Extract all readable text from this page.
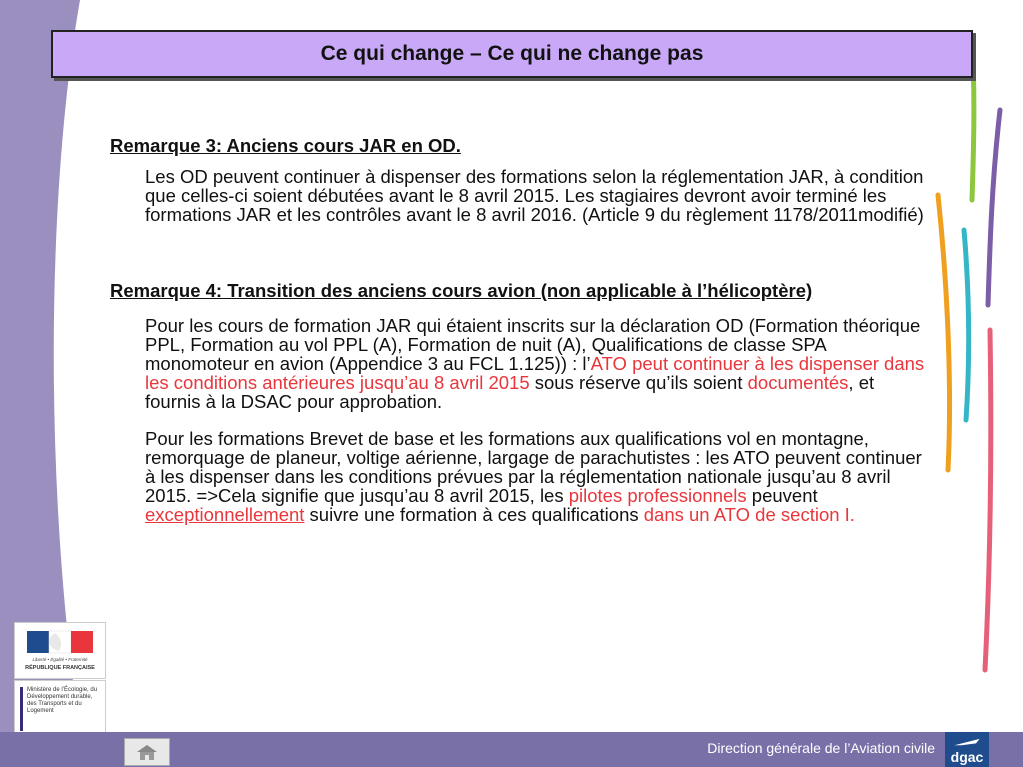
Ce qui change – Ce qui ne change pas
Remarque 3: Anciens cours JAR en OD.
Les OD peuvent continuer à dispenser des formations selon la réglementation JAR, à condition que celles-ci soient débutées avant le 8 avril 2015. Les stagiaires devront avoir terminé les formations JAR et les contrôles avant le 8 avril 2016. (Article 9 du règlement 1178/2011modifié)
Remarque 4: Transition des anciens cours avion (non applicable à l’hélicoptère)
Pour les cours de formation JAR qui étaient inscrits sur la déclaration OD (Formation théorique PPL, Formation au vol PPL (A), Formation de nuit (A), Qualifications de classe SPA monomoteur en avion (Appendice 3 au FCL 1.125)) : l’ATO peut continuer à les dispenser dans les conditions antérieures jusqu’au 8 avril 2015 sous réserve qu’ils soient documentés, et fournis à la DSAC pour approbation.
Pour les formations Brevet de base et les formations aux qualifications vol en montagne, remorquage de planeur, voltige aérienne, largage de parachutistes : les ATO peuvent continuer à les dispenser dans les conditions prévues par la réglementation nationale jusqu’au 8 avril 2015. =>Cela signifie que jusqu’au 8 avril 2015, les pilotes professionnels peuvent exceptionnellement suivre une formation à ces qualifications dans un ATO de section I.
Liberté • Égalité • Fraternité
RÉPUBLIQUE FRANÇAISE
Ministère de l’Écologie, du Développement durable, des Transports et du Logement
Direction générale de l’Aviation civile
dgac
